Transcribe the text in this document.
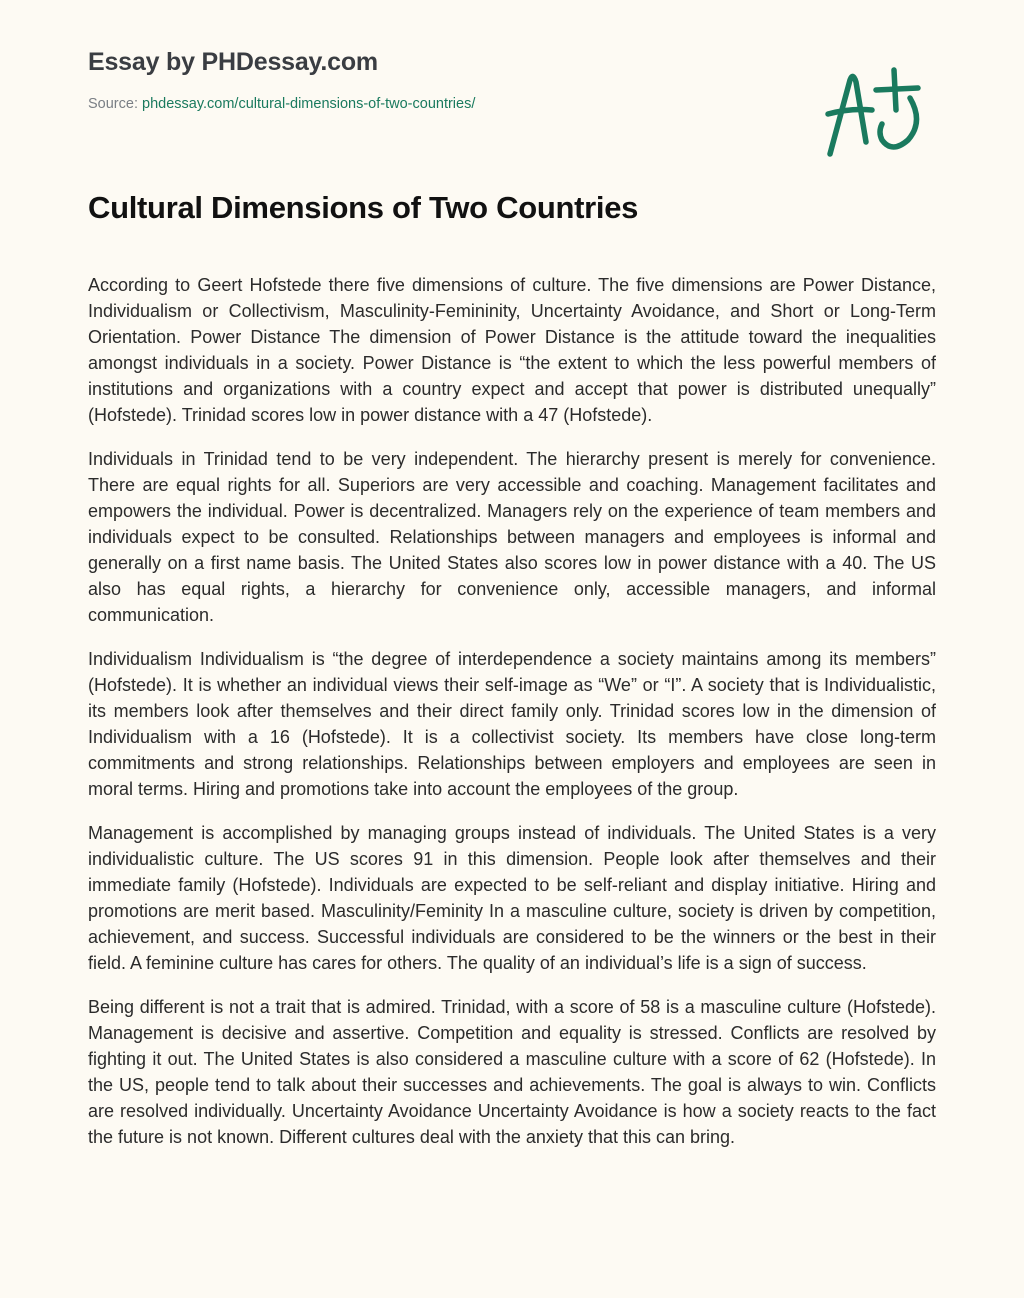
Essay by PHDessay.com
Source: phdessay.com/cultural-dimensions-of-two-countries/
Cultural Dimensions of Two Countries

According to Geert Hofstede there five dimensions of culture. The five dimensions are Power Distance, Individualism or Collectivism, Masculinity-Femininity, Uncertainty Avoidance, and Short or Long-Term Orientation. Power Distance The dimension of Power Distance is the attitude toward the inequalities amongst individuals in a society. Power Distance is “the extent to which the less powerful members of institutions and organizations with a country expect and accept that power is distributed unequally” (Hofstede). Trinidad scores low in power distance with a 47 (Hofstede).

Individuals in Trinidad tend to be very independent. The hierarchy present is merely for convenience. There are equal rights for all. Superiors are very accessible and coaching. Management facilitates and empowers the individual. Power is decentralized. Managers rely on the experience of team members and individuals expect to be consulted. Relationships between managers and employees is informal and generally on a first name basis. The United States also scores low in power distance with a 40. The US also has equal rights, a hierarchy for convenience only, accessible managers, and informal communication.

Individualism Individualism is “the degree of interdependence a society maintains among its members” (Hofstede). It is whether an individual views their self-image as “We” or “I”. A society that is Individualistic, its members look after themselves and their direct family only. Trinidad scores low in the dimension of Individualism with a 16 (Hofstede). It is a collectivist society. Its members have close long-term commitments and strong relationships. Relationships between employers and employees are seen in moral terms. Hiring and promotions take into account the employees of the group.

Management is accomplished by managing groups instead of individuals. The United States is a very individualistic culture. The US scores 91 in this dimension. People look after themselves and their immediate family (Hofstede). Individuals are expected to be self-reliant and display initiative. Hiring and promotions are merit based. Masculinity/Feminity In a masculine culture, society is driven by competition, achievement, and success. Successful individuals are considered to be the winners or the best in their field. A feminine culture has cares for others. The quality of an individual’s life is a sign of success.

Being different is not a trait that is admired. Trinidad, with a score of 58 is a masculine culture (Hofstede). Management is decisive and assertive. Competition and equality is stressed. Conflicts are resolved by fighting it out. The United States is also considered a masculine culture with a score of 62 (Hofstede). In the US, people tend to talk about their successes and achievements. The goal is always to win. Conflicts are resolved individually. Uncertainty Avoidance Uncertainty Avoidance is how a society reacts to the fact the future is not known. Different cultures deal with the anxiety that this can bring.
